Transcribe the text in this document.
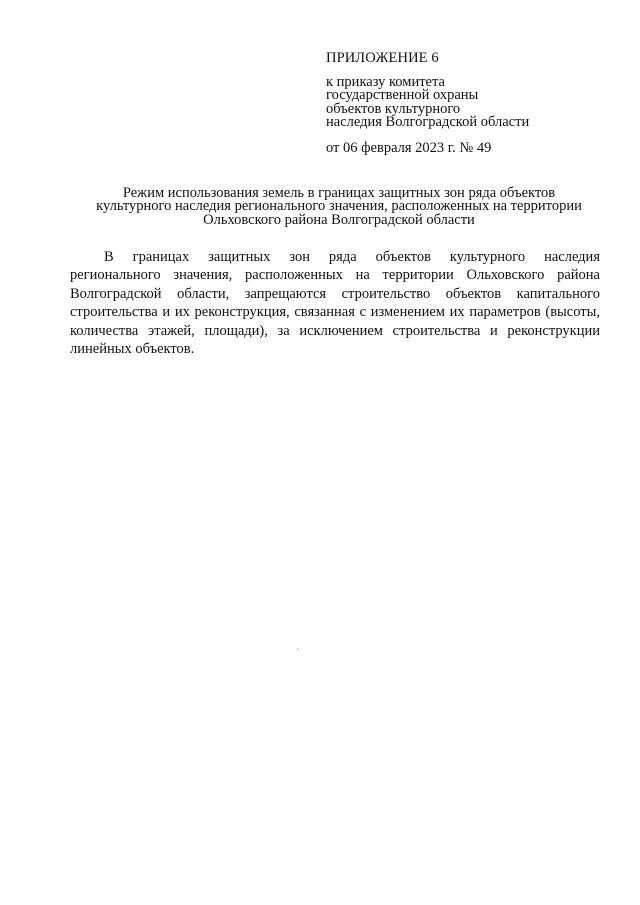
ПРИЛОЖЕНИЕ 6
к приказу комитета
государственной охраны
объектов культурного
наследия Волгоградской области
от 06 февраля 2023 г. № 49
Режим использования земель в границах защитных зон ряда объектов
культурного наследия регионального значения, расположенных на территории
Ольховского района Волгоградской области
В границах защитных зон ряда объектов культурного наследия
регионального значения, расположенных на территории Ольховского района
Волгоградской области, запрещаются строительство объектов капитального
строительства и их реконструкция, связанная с изменением их параметров (высоты,
количества этажей, площади), за исключением строительства и реконструкции
линейных объектов.
